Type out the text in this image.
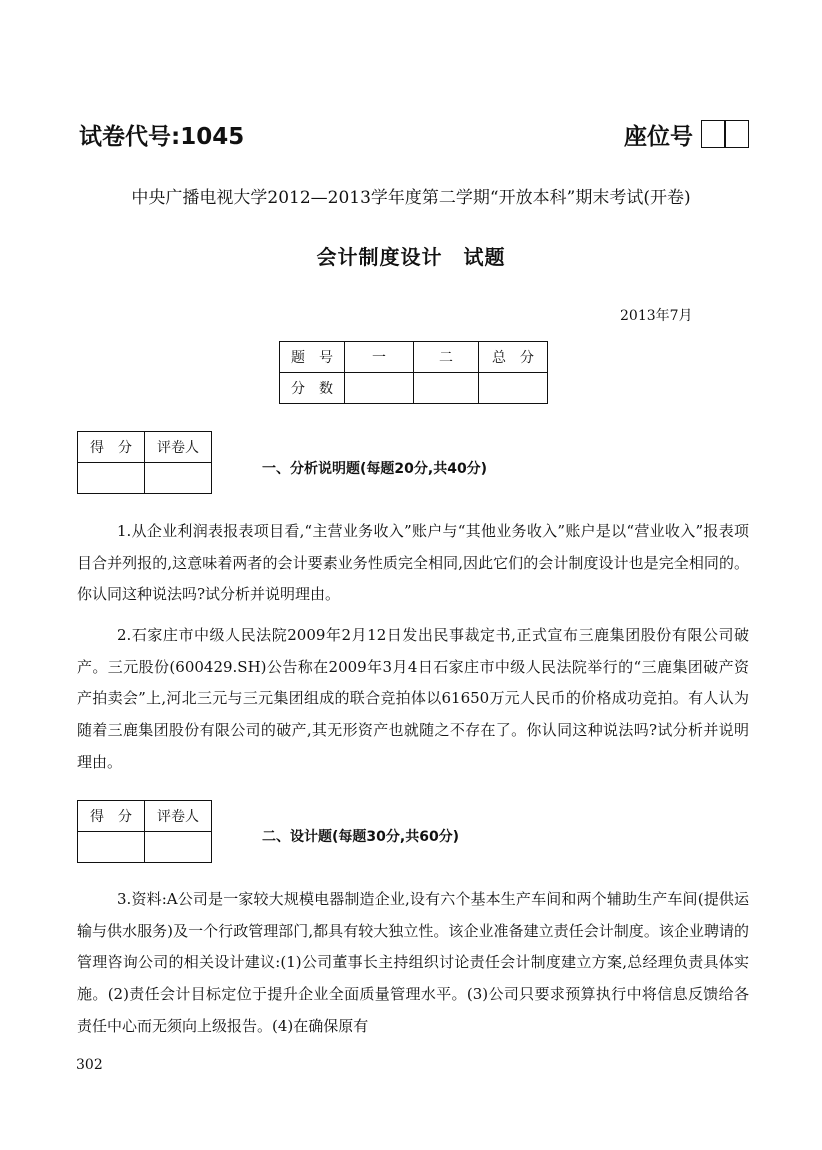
试卷代号:1045	座位号
中央广播电视大学2012—2013学年度第二学期“开放本科”期末考试(开卷)
会计制度设计　试题
2013年7月
题　号	一	二	总　分
分　数			
得　分	评卷人

一、分析说明题(每题20分,共40分)

1.从企业利润表报表项目看,“主营业务收入”账户与“其他业务收入”账户是以“营业收入”报表项目合并列报的,这意味着两者的会计要素业务性质完全相同,因此它们的会计制度设计也是完全相同的。你认同这种说法吗?试分析并说明理由。

2.石家庄市中级人民法院2009年2月12日发出民事裁定书,正式宣布三鹿集团股份有限公司破产。三元股份(600429.SH)公告称在2009年3月4日石家庄市中级人民法院举行的“三鹿集团破产资产拍卖会”上,河北三元与三元集团组成的联合竞拍体以61650万元人民币的价格成功竞拍。有人认为随着三鹿集团股份有限公司的破产,其无形资产也就随之不存在了。你认同这种说法吗?试分析并说明理由。

得　分	评卷人

二、设计题(每题30分,共60分)

3.资料:A公司是一家较大规模电器制造企业,设有六个基本生产车间和两个辅助生产车间(提供运输与供水服务)及一个行政管理部门,都具有较大独立性。该企业准备建立责任会计制度。该企业聘请的管理咨询公司的相关设计建议:(1)公司董事长主持组织讨论责任会计制度建立方案,总经理负责具体实施。(2)责任会计目标定位于提升企业全面质量管理水平。(3)公司只要求预算执行中将信息反馈给各责任中心而无须向上级报告。(4)在确保原有

302
